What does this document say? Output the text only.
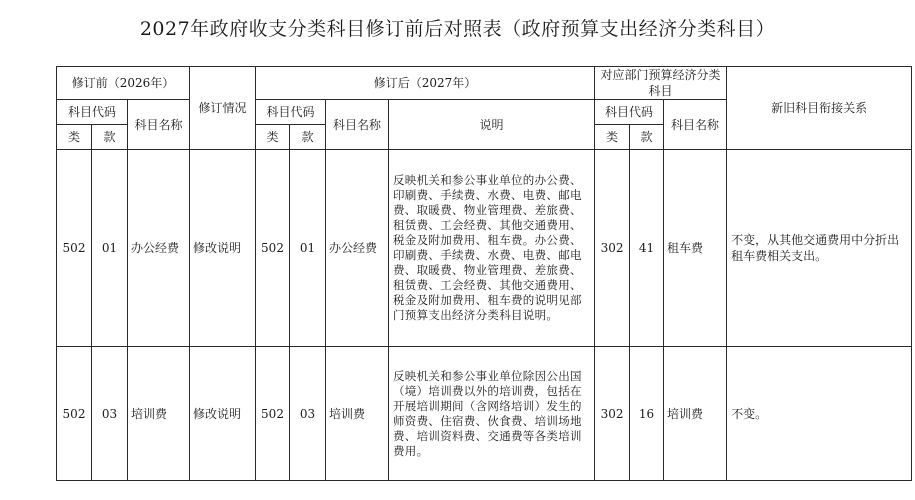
2027年政府收支分类科目修订前后对照表（政府预算支出经济分类科目）
修订前（2026年）			修订情况	修订后（2027年）				对应部门预算经济分类科目			新旧科目衔接关系
科目代码		科目名称		科目代码		科目名称	说明	科目代码		科目名称	
类	款			类	款			类	款		
502	01	办公经费	修改说明	502	01	办公经费	反映机关和参公事业单位的办公费、印刷费、手续费、水费、电费、邮电费、取暖费、物业管理费、差旅费、租赁费、工会经费、其他交通费用、税金及附加费用、租车费。办公费、印刷费、手续费、水费、电费、邮电费、取暖费、物业管理费、差旅费、租赁费、工会经费、其他交通费用、税金及附加费用、租车费的说明见部门预算支出经济分类科目说明。	302	41	租车费	不变，从其他交通费用中分折出租车费相关支出。
502	03	培训费	修改说明	502	03	培训费	反映机关和参公事业单位除因公出国（境）培训费以外的培训费，包括在开展培训期间（含网络培训）发生的师资费、住宿费、伙食费、培训场地费、培训资料费、交通费等各类培训费用。	302	16	培训费	不变。
